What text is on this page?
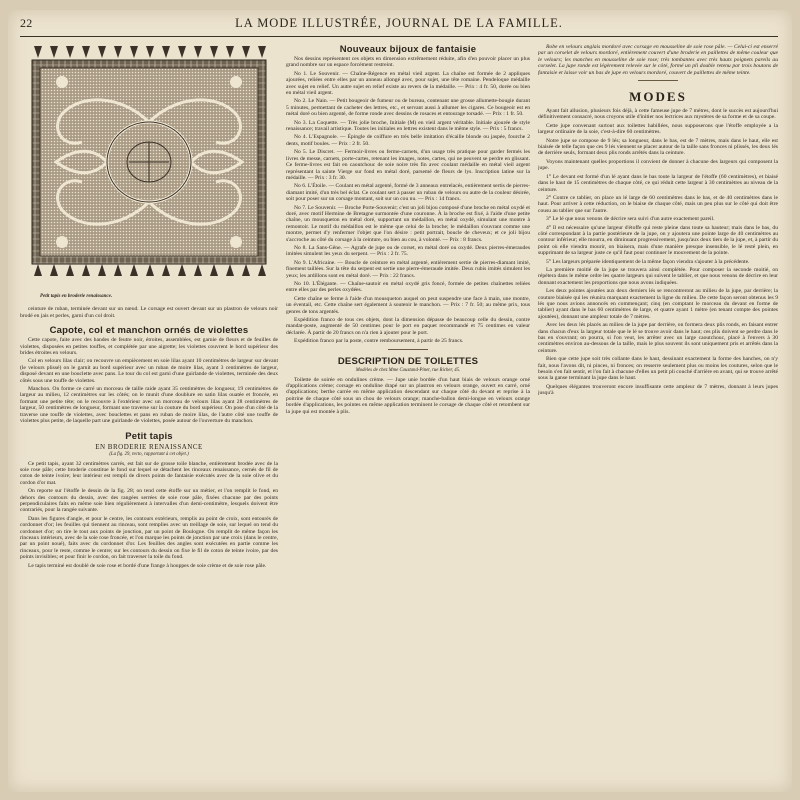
22	LA MODE ILLUSTRÉE, JOURNAL DE LA FAMILLE.
Petit tapis en broderie renaissance.

ceinture de ruban, terminée devant sur un nœud. Le corsage est ouvert devant sur un plastron de velours noir brodé en jais et perles, garni d'un col droit.

Capote, col et manchon ornés de violettes

Cette capote, faite avec des bandes de feutre noir, étroites, assemblées, est garnie de fleurs et de feuilles de violettes, disposées en petites touffes, et complétée par une aigrette; les violettes couvrent le bord supérieur des brides étroites en velours.

Col en velours lilas clair; on recouvre un empiècement en soie lilas ayant 10 centimètres de largeur sur devant (le velours plissé) on le garnit au bord supérieur avec un ruban de moire lilas, ayant 3 centimètres de largeur, disposé devant en une bouclette avec pans. Le tour du col est garni d'une guirlande de violettes, terminée des deux côtés sous une touffe de violettes.

Manchon. On forme ce carré un morceau de taille raide ayant 35 centimètres de longueur, 19 centimètres de largeur au milieu, 12 centimètres sur les côtés; on le munit d'une doublure en satin lilas ouatée et froncée, en formant une petite tête; on le recouvre à l'extérieur avec un morceau de velours lilas ayant 28 centimètres de largeur, 50 centimètres de longueur, formant une traverse sur la couture du bord supérieur. On pose d'un côté de la traverse une touffe de violettes, avec bouclettes et pans en ruban de moire lilas, de l'autre côté une touffe de violettes plus petite, de laquelle part une guirlande de violettes, posée autour de l'ouverture du manchon.

Petit tapis
EN BRODERIE RENAISSANCE
(La fig. 29, recto, rapportant à cet objet.)

Ce petit tapis, ayant 32 centimètres carrés, est fait sur de grosse toile blanche, entièrement brodée avec de la soie rose pâle; cette broderie constitue le fond sur lequel se détachent les rinceaux renaissance, cernés de fil de coton de teinte ivoire; leur intérieur est rempli de divers points de fantaisie exécutés avec de la soie olive et du cordon d'or mat.

On reporte sur l'étoffe le dessin de la fig. 28; on tend cette étoffe sur un métier, et l'on remplit le fond, en dehors des contours du dessin, avec des rangées serrées de soie rose pâle, fixées chacune par des points perpendiculaires faits en même soie bien régulièrement à intervalles d'un demi-centimètre, lesquels doivent être contrariés, pour la rangée suivante.

Dans les figures d'angle, et pour le centre, les contours extérieurs, remplis au point de croix, sont entourés de cordonnet d'or; les feuilles qui tiennent au rinceau, sont remplies avec un treillage de soie, sur lequel on tend du cordonnet d'or; on tire le tout aux points de jonction, par un point de Boulogne. On remplit de même façon les rinceaux intérieurs, avec de la soie rose froncée, et l'on marque les points de jonction par une croix (dans le centre, par un point noué), faits avec du cordonnet d'or. Les feuilles des angles sont exécutées en partie comme les rinceaux, pour le reste, comme le centre; sur les contours du dessin on fixe le fil de coton de teinte ivoire, par des points invisibles; et pour finir le cordon, on fait traverser la toile du fond.

Le tapis terminé est doublé de soie rose et bordé d'une frange à houppes de soie crème et de soie rose pâle.

Nouveaux bijoux de fantaisie

Nos dessins représentent ces objets en dimension extrêmement réduite, afin d'en pouvoir placer un plus grand nombre sur un espace forcément restreint.

No 1. Le Souvenir. — Chaîne-Régence en métal vieil argent. La chaîne est formée de 2 appliques ajourées, reliées entre elles par un anneau allongé avec, pour sujet, une tête romaine. Pendeloque médaille avec sujet en relief. Un autre sujet en relief existe au revers de la médaille. — Prix : 4 fr. 50, dorée ou bien en métal vieil argent.

No 2. Le Nain. — Petit bougeoir de fumeur ou de bureau, contenant une grosse allumette-bougie durant 5 minutes, permettant de cacheter des lettres, etc., et servant aussi à allumer les cigares. Ce bougeoir est en métal doré ou bien argenté, de forme ronde avec dessins de rosaces et entourage torsadé. — Prix : 1 fr. 50.

No 3. La Coquette. — Très jolie broche, Initiale (M) en vieil argent véritable. Initiale ajourée de style renaissance; travail artistique. Toutes les initiales en lettres existent dans le même style. — Prix : 5 francs.

No 4. L'Espagnole. — Épingle de coiffure en très belle imitation d'écaille blonde ou jaspée, fourche 2 dents, motif boules. — Prix : 2 fr. 50.

No 5. Le Discret. — Fermoir-livres ou ferme-carnets, d'un usage très pratique pour garder fermés les livres de messe, carnets, porte-cartes, retenant les images, notes, cartes, qui ne peuvent se perdre en glissant. Ce ferme-livres est fait en caoutchouc de soie noire très fin avec coulant médaille en métal vieil argent représentant la sainte Vierge sur fond en métal doré, parsemé de fleurs de lys. Inscription latine sur la médaille. — Prix : 3 fr. 30.

No 6. L'Étoile. — Coulant en métal argenté, formé de 3 anneaux entrelacés, entièrement sertis de pierres-diamant imité, d'un très bel éclat. Ce coulant sert à passer un ruban de velours ou autre de la couleur désirée, soit pour poser sur un corsage montant, soit sur un cou nu. — Prix : 14 francs.

No 7. Le Souvenir. — Broche Porte-Souvenir; c'est un joli bijou composé d'une broche en métal oxydé et doré, avec motif Hermine de Bretagne surmontée d'une couronne. À la broche est fixé, à l'aide d'une petite chaîne, un mousqueton en métal doré, supportant un médaillon, en métal oxydé, simulant une montre à remontoir. Le motif du médaillon est le même que celui de la broche; le médaillon s'ouvrant comme une montre, permet d'y renfermer l'objet que l'on désire : petit portrait, boucle de cheveux; et ce joli bijou s'accroche au côté du corsage à la ceinture, ou bien au cou, à volonté. — Prix : 8 francs.

No 8. La Sans-Gêne. — Agrafe de jupe ou de corset, en métal doré ou oxydé. Deux pierres-émeraudes imitées simulent les yeux du serpent. — Prix : 2 fr. 75.

No 9. L'Africaine. — Boucle de ceinture en métal argenté, entièrement sertie de pierres-diamant imité, finement taillées. Sur la tête du serpent est sertie une pierre-émeraude imitée. Deux rubis imités simulent les yeux; les ardillons sont en métal doré. — Prix : 22 francs.

No 10. L'Élégante. — Chaîne-sautoir en métal oxydé gris foncé, formée de petites chaînettes reliées entre elles par des perles oxydées.

Cette chaîne se ferme à l'aide d'un mousqueton auquel on peut suspendre une face à main, une montre, un éventail, etc. Cette chaîne sert également à soutenir le manchon. — Prix : 7 fr. 50; au même prix, tous genres de tons argentés.

Expédition franco de tous ces objets, dont la dimension dépasse de beaucoup celle du dessin, contre mandat-poste, augmenté de 50 centimes pour le port en paquet recommandé et 75 centimes en valeur déclarée. À partir de 20 francs on n'a rien à ajouter pour le port.

Expédition franco par la poste, contre remboursement, à partir de 25 francs.

DESCRIPTION DE TOILETTES
Modèles de chez Mme Coustand-Pinet, rue Richer, 45.

Toilette de soirée en ondulines crème. — Jupe unie bordée d'un haut biais de velours orange orné d'applications crème; corsage en onduline drapé sur un plastron en velours orange, ouvert en carré, orné d'applications; berthe carrée en même application descendant sur chaque côté du devant et reprise à la poitrine de chaque côté sous un chou de velours orange; manche-ballon demi-longue en velours orange bordée d'applications, les pointes en même application terminent le corsage de chaque côté et retombent sur la jupe qui est montée à plis.

Robe en velours anglais mordoré avec corsage en mousseline de soie rose pâle. — Celui-ci est enserré par un corselet de velours mordoré, entièrement couvert d'une broderie en paillettes de même couleur que le velours; les manches en mousseline de soie rose; très tombantes avec très hauts poignets pareils au corselet. La jupe ronde est légèrement relevée sur le côté, formé un pli double retenu par trois boutons de fantaisie et laisse voir un bas de jupe en velours mordoré, couvert de paillettes de même teinte.

MODES

Ayant fait allusion, plusieurs fois déjà, à cette fameuse jupe de 7 mètres, dont le succès est aujourd'hui définitivement consacré, nous croyons utile d'initier nos lectrices aux mystères de sa forme et de sa coupe.

Cette jupe convenant surtout aux toilettes habillées, nous supposerons que l'étoffe employée a la largeur ordinaire de la soie, c'est-à-dire 60 centimètres.

Notre jupe se compose de 9 lés; sa longueur, dans le bas, est de 7 mètres, mais dans le haut, elle est biaisée de telle façon que ces 9 lés viennent se placer autour de la taille sans fronces ni plissés, les deux lés de derrière seuls, formant deux plis ronds arrêtés dans la ceinture.

Voyons maintenant quelles proportions il convient de donner à chacune des largeurs qui composent la jupe.

1° Le devant est formé d'un lé ayant dans le bas toute la largeur de l'étoffe (60 centimètres), et biaisé dans le haut de 15 centimètres de chaque côté, ce qui réduit cette largeur à 30 centimètres au niveau de la ceinture.

2° Contre ce tablier, on place un lé large de 60 centimètres dans le bas, et de 40 centimètres dans le haut. Pour arriver à cette réduction, on le biaise de chaque côté, mais un peu plus sur le côté qui doit être cousu au tablier que sur l'autre.

3° Le lé que nous venons de décrire sera suivi d'un autre exactement pareil.

4° Il est nécessaire qu'une largeur d'étoffe qui reste pleine dans toute sa hauteur; mais dans le bas, du côté correspondant à la partie postérieure de la jupe, on y ajoutera une pointe large de 40 centimètres au contour inférieur; elle mourra, en diminuant progressivement, jusqu'aux deux tiers de la jupe, et, à partir du point où elle viendra mourir, on biaisera, mais d'une manière presque insensible, le lé resté plein, en supprimant de sa largeur juste ce qu'il faut pour continuer le mouvement de la pointe.

5° Les largeurs préparée identiquement de la même façon viendra s'ajouter à la précédente.

La première moitié de la jupe se trouvera ainsi complétée. Pour composer la seconde moitié, on répétera dans le même ordre les quatre largeurs qui suivent le tablier, et que nous venons de décrire en leur donnant exactement les proportions que nous avons indiquées.

Les deux pointes ajoutées aux deux derniers lés se rencontreront au milieu de la jupe, par derrière; la couture biaisée qui les réunira marquant exactement la ligne du milieu. De cette façon seront obtenus les 9 lés que nous avions annoncés en commençant; cinq (en comptant le morceau du devant en forme de tablier) ayant dans le bas 60 centimètres de large, et quatre ayant 1 mètre (en tenant compte des pointes ajoutées), donnant une ampleur totale de 7 mètres.

Avec les deux lés placés au milieu de la jupe par derrière, on formera deux plis ronds, en faisant entrer dans chacun d'eux la largeur totale que le lé se trouve avoir dans le haut; ces plis doivent se perdre dans le bas en s'ouvrant; on pourra, si l'on veut, les arrêter avec un large caoutchouc, placé à l'envers à 30 centimètres environ au-dessous de la taille, mais le plus souvent ils sont uniquement pris et arrêtés dans la ceinture.

Bien que cette jupe soit très collante dans le haut, dessinant exactement la forme des hanches, on n'y fait, nous l'avons dit, ni pinces, ni fronces; on resserre seulement plus ou moins les coutures, selon que le besoin s'en fait sentir, et l'on fait à chacune d'elles un petit pli couché d'arrière en avant, qui se trouve arrêté sous la ganse terminant la jupe dans le haut.

Quelques élégantes trouveront encore insuffisante cette ampleur de 7 mètres, donnant à leurs jupes jusqu'à
